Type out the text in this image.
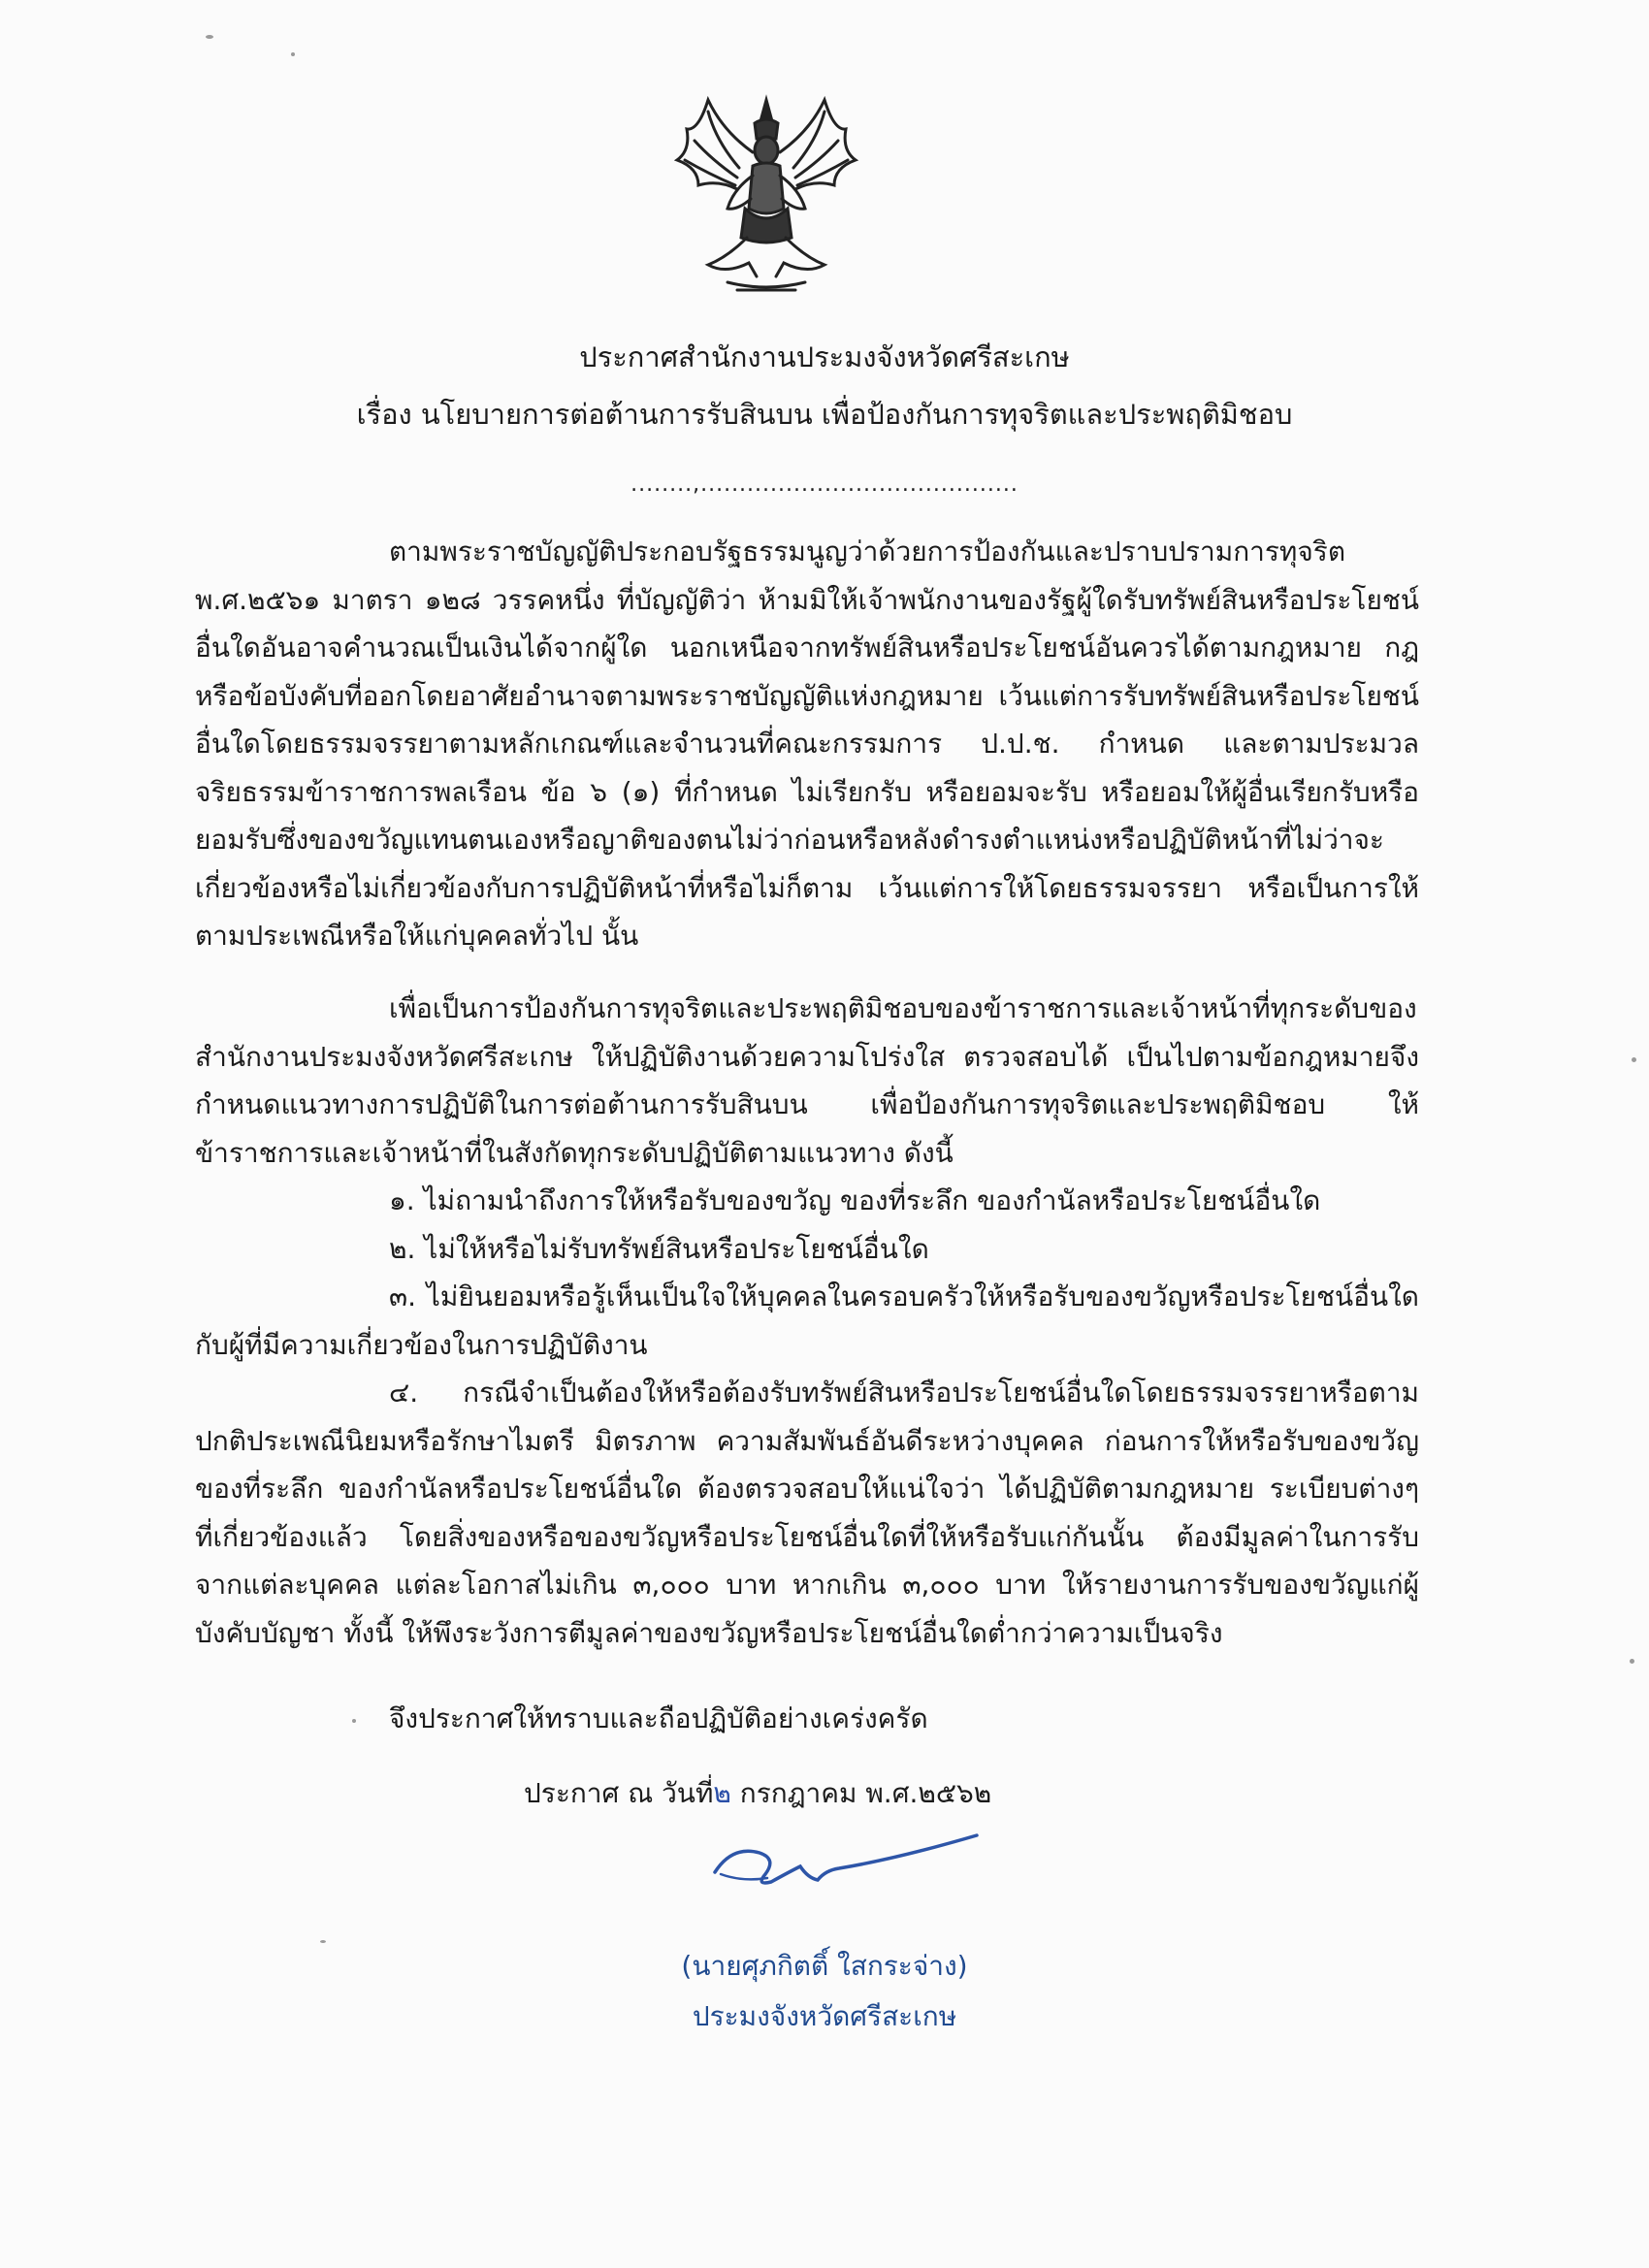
ประกาศสำนักงานประมงจังหวัดศรีสะเกษ
เรื่อง นโยบายการต่อต้านการรับสินบน เพื่อป้องกันการทุจริตและประพฤติมิชอบ
........,.........................................

ตามพระราชบัญญัติประกอบรัฐธรรมนูญว่าด้วยการป้องกันและปราบปรามการทุจริต พ.ศ.๒๕๖๑ มาตรา ๑๒๘ วรรคหนึ่ง ที่บัญญัติว่า ห้ามมิให้เจ้าพนักงานของรัฐผู้ใดรับทรัพย์สินหรือประโยชน์อื่นใดอันอาจคำนวณเป็นเงินได้จากผู้ใด นอกเหนือจากทรัพย์สินหรือประโยชน์อันควรได้ตามกฎหมาย กฎ หรือข้อบังคับที่ออกโดยอาศัยอำนาจตามพระราชบัญญัติแห่งกฎหมาย เว้นแต่การรับทรัพย์สินหรือประโยชน์อื่นใดโดยธรรมจรรยาตามหลักเกณฑ์และจำนวนที่คณะกรรมการ ป.ป.ช. กำหนด และตามประมวลจริยธรรมข้าราชการพลเรือน ข้อ ๖ (๑) ที่กำหนด ไม่เรียกรับ หรือยอมจะรับ หรือยอมให้ผู้อื่นเรียกรับหรือยอมรับซึ่งของขวัญแทนตนเองหรือญาติของตนไม่ว่าก่อนหรือหลังดำรงตำแหน่งหรือปฏิบัติหน้าที่ไม่ว่าจะเกี่ยวข้องหรือไม่เกี่ยวข้องกับการปฏิบัติหน้าที่หรือไม่ก็ตาม เว้นแต่การให้โดยธรรมจรรยา หรือเป็นการให้ตามประเพณีหรือให้แก่บุคคลทั่วไป นั้น

เพื่อเป็นการป้องกันการทุจริตและประพฤติมิชอบของข้าราชการและเจ้าหน้าที่ทุกระดับของสำนักงานประมงจังหวัดศรีสะเกษ ให้ปฏิบัติงานด้วยความโปร่งใส ตรวจสอบได้ เป็นไปตามข้อกฎหมายจึงกำหนดแนวทางการปฏิบัติในการต่อต้านการรับสินบน เพื่อป้องกันการทุจริตและประพฤติมิชอบ ให้ข้าราชการและเจ้าหน้าที่ในสังกัดทุกระดับปฏิบัติตามแนวทาง ดังนี้

๑. ไม่ถามนำถึงการให้หรือรับของขวัญ ของที่ระลึก ของกำนัลหรือประโยชน์อื่นใด

๒. ไม่ให้หรือไม่รับทรัพย์สินหรือประโยชน์อื่นใด

๓. ไม่ยินยอมหรือรู้เห็นเป็นใจให้บุคคลในครอบครัวให้หรือรับของขวัญหรือประโยชน์อื่นใดกับผู้ที่มีความเกี่ยวข้องในการปฏิบัติงาน

๔. กรณีจำเป็นต้องให้หรือต้องรับทรัพย์สินหรือประโยชน์อื่นใดโดยธรรมจรรยาหรือตามปกติประเพณีนิยมหรือรักษาไมตรี มิตรภาพ ความสัมพันธ์อันดีระหว่างบุคคล ก่อนการให้หรือรับของขวัญของที่ระลึก ของกำนัลหรือประโยชน์อื่นใด ต้องตรวจสอบให้แน่ใจว่า ได้ปฏิบัติตามกฎหมาย ระเบียบต่างๆ ที่เกี่ยวข้องแล้ว โดยสิ่งของหรือของขวัญหรือประโยชน์อื่นใดที่ให้หรือรับแก่กันนั้น ต้องมีมูลค่าในการรับจากแต่ละบุคคล แต่ละโอกาสไม่เกิน ๓,๐๐๐ บาท หากเกิน ๓,๐๐๐ บาท ให้รายงานการรับของขวัญแก่ผู้บังคับบัญชา ทั้งนี้ ให้พึงระวังการตีมูลค่าของขวัญหรือประโยชน์อื่นใดต่ำกว่าความเป็นจริง

จึงประกาศให้ทราบและถือปฏิบัติอย่างเคร่งครัด
ประกาศ ณ วันที่๒ กรกฎาคม พ.ศ.๒๕๖๒
(นายศุภกิตติ์ ใสกระจ่าง)
ประมงจังหวัดศรีสะเกษ
